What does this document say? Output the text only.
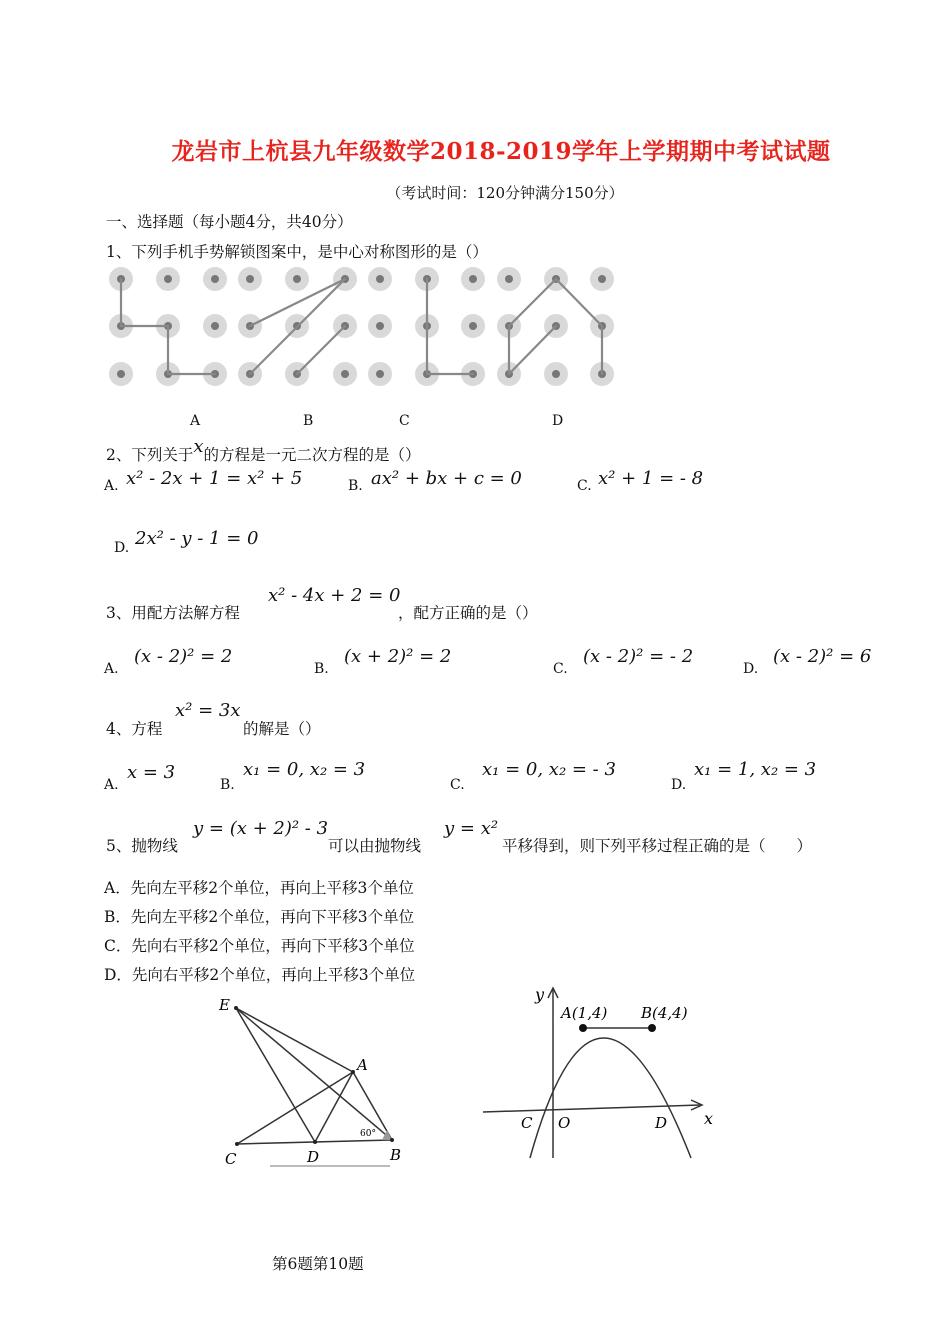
龙岩市上杭县九年级数学2018-2019学年上学期期中考试试题
（考试时间：120分钟满分150分）
一、选择题（每小题4分，共40分）
1、下列手机手势解锁图案中，是中心对称图形的是（）
A	B	C	D
2、下列关于x的方程是一元二次方程的是（）
A. x² - 2x + 1 = x² + 5	B. ax² + bx + c = 0	C. x² + 1 = - 8
D. 2x² - y - 1 = 0
3、用配方法解方程
x² - 4x + 2 = 0
，配方正确的是（）
A.
(x - 2)² = 2
B.
(x + 2)² = 2
C.
(x - 2)² = - 2
D.
(x - 2)² = 6
4、方程
x² = 3x
的解是（）
A.
x = 3
B.
x₁ = 0, x₂ = 3
C.
x₁ = 0, x₂ = - 3
D.
x₁ = 1, x₂ = 3
5、抛物线
y = (x + 2)² - 3
可以由抛物线
y = x²
平移得到，则下列平移过程正确的是（　　）
A．先向左平移2个单位，再向上平移3个单位
B．先向左平移2个单位，再向下平移3个单位
C．先向右平移2个单位，再向下平移3个单位
D．先向右平移2个单位，再向上平移3个单位
E
A
C	D	B
60°
y
x
A(1,4) B(4,4)
C O	D
第6题第10题
